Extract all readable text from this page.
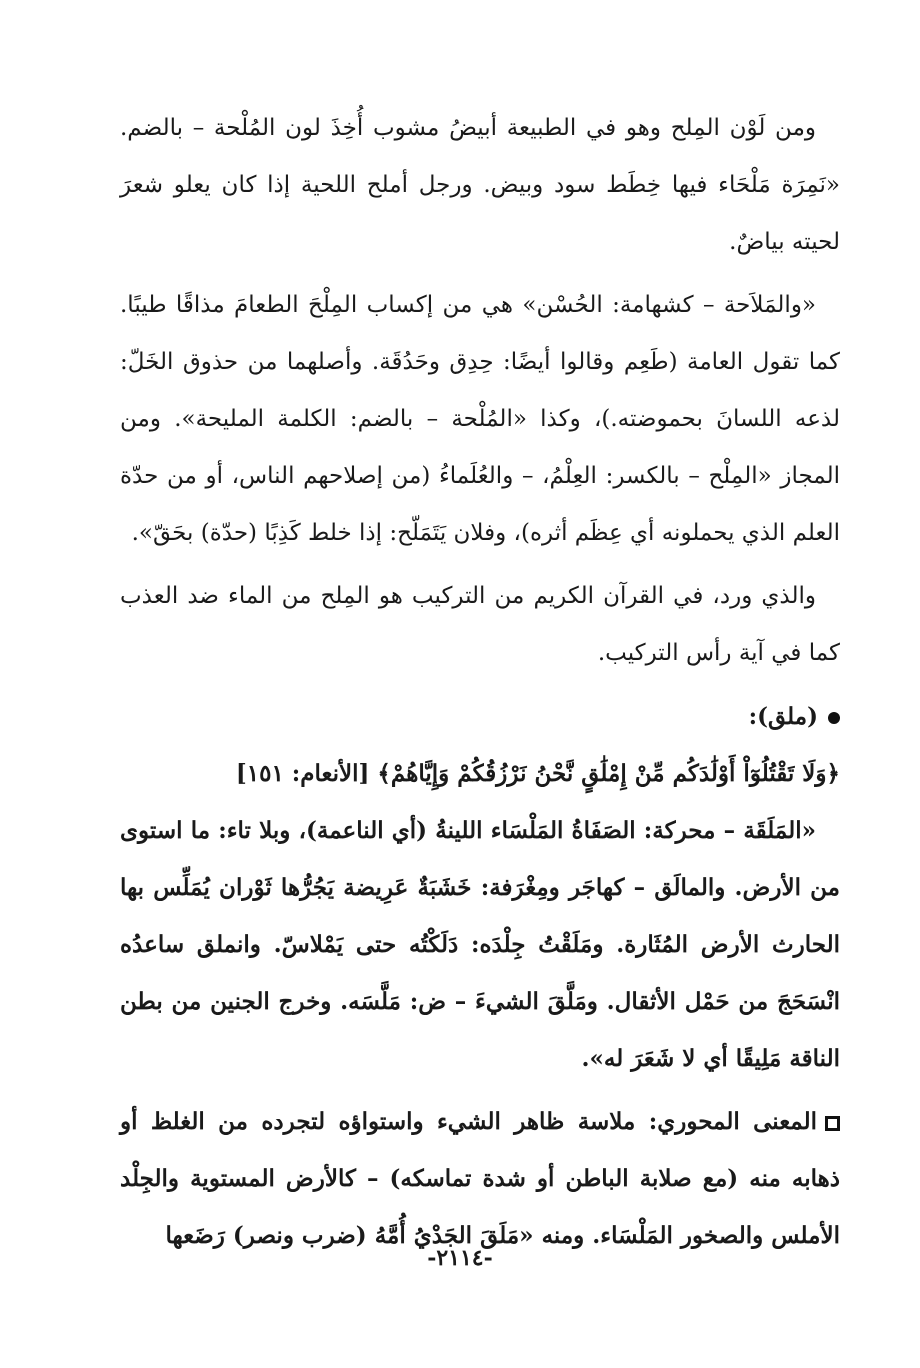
ومن لَوْن المِلح وهو في الطبيعة أبيضُ مشوب أُخِذَ لون المُلْحة – بالضم. «نَمِرَة مَلْحَاء فيها خِطَط سود وبيض. ورجل أملح اللحية إذا كان يعلو شعرَ لحيته بياضٌ.

«والمَلاَحة – كشهامة: الحُسْن» هي من إكساب المِلْحَ الطعامَ مذاقًا طيبًا. كما تقول العامة (طَعِم وقالوا أيضًا: حِدِق وحَدُقَة. وأصلهما من حذوق الخَلّ: لذعه اللسانَ بحموضته.)، وكذا «المُلْحة – بالضم: الكلمة المليحة». ومن المجاز «المِلْح – بالكسر: العِلْمُ، – والعُلَماءُ (من إصلاحهم الناس، أو من حدّة العلم الذي يحملونه أي عِظَم أثره)، وفلان يَتَمَلّح: إذا خلط كَذِبًا (حدّة) بحَقّ».

والذي ورد، في القرآن الكريم من التركيب هو المِلح من الماء ضد العذب كما في آية رأس التركيب.

(ملق):

﴿وَلَا تَقْتُلُوٓاْ أَوْلَٰدَكُم مِّنْ إِمْلَٰقٍ نَّحْنُ نَرْزُقُكُمْ وَإِيَّاهُمْ﴾ [الأنعام: ١٥١]

«المَلَقَة – محركة: الصَفَاةُ المَلْسَاء اللينةُ (أي الناعمة)، وبلا تاء: ما استوى من الأرض. والمالَق – كهاجَر ومِغْرَفة: خَشَبَةٌ عَرِيضة يَجُرُّها ثَوْران يُمَلِّس بها الحارث الأرض المُثَارة. ومَلَقْتُ جِلْدَه: دَلَكْتُه حتى يَمْلاسّ. وانملق ساعدُه انْسَحَجَ من حَمْل الأثقال. ومَلَّقَ الشيءَ – ض: مَلَّسَه. وخرج الجنين من بطن الناقة مَلِيقًا أي لا شَعَرَ له».

المعنى المحوري: ملاسة ظاهر الشيء واستواؤه لتجرده من الغلظ أو ذهابه منه (مع صلابة الباطن أو شدة تماسكه) – كالأرض المستوية والجِلْد الأملس والصخور المَلْسَاء. ومنه «مَلَقَ الجَدْيُ أُمَّهُ (ضرب ونصر) رَضَعها

-٢١١٤-
